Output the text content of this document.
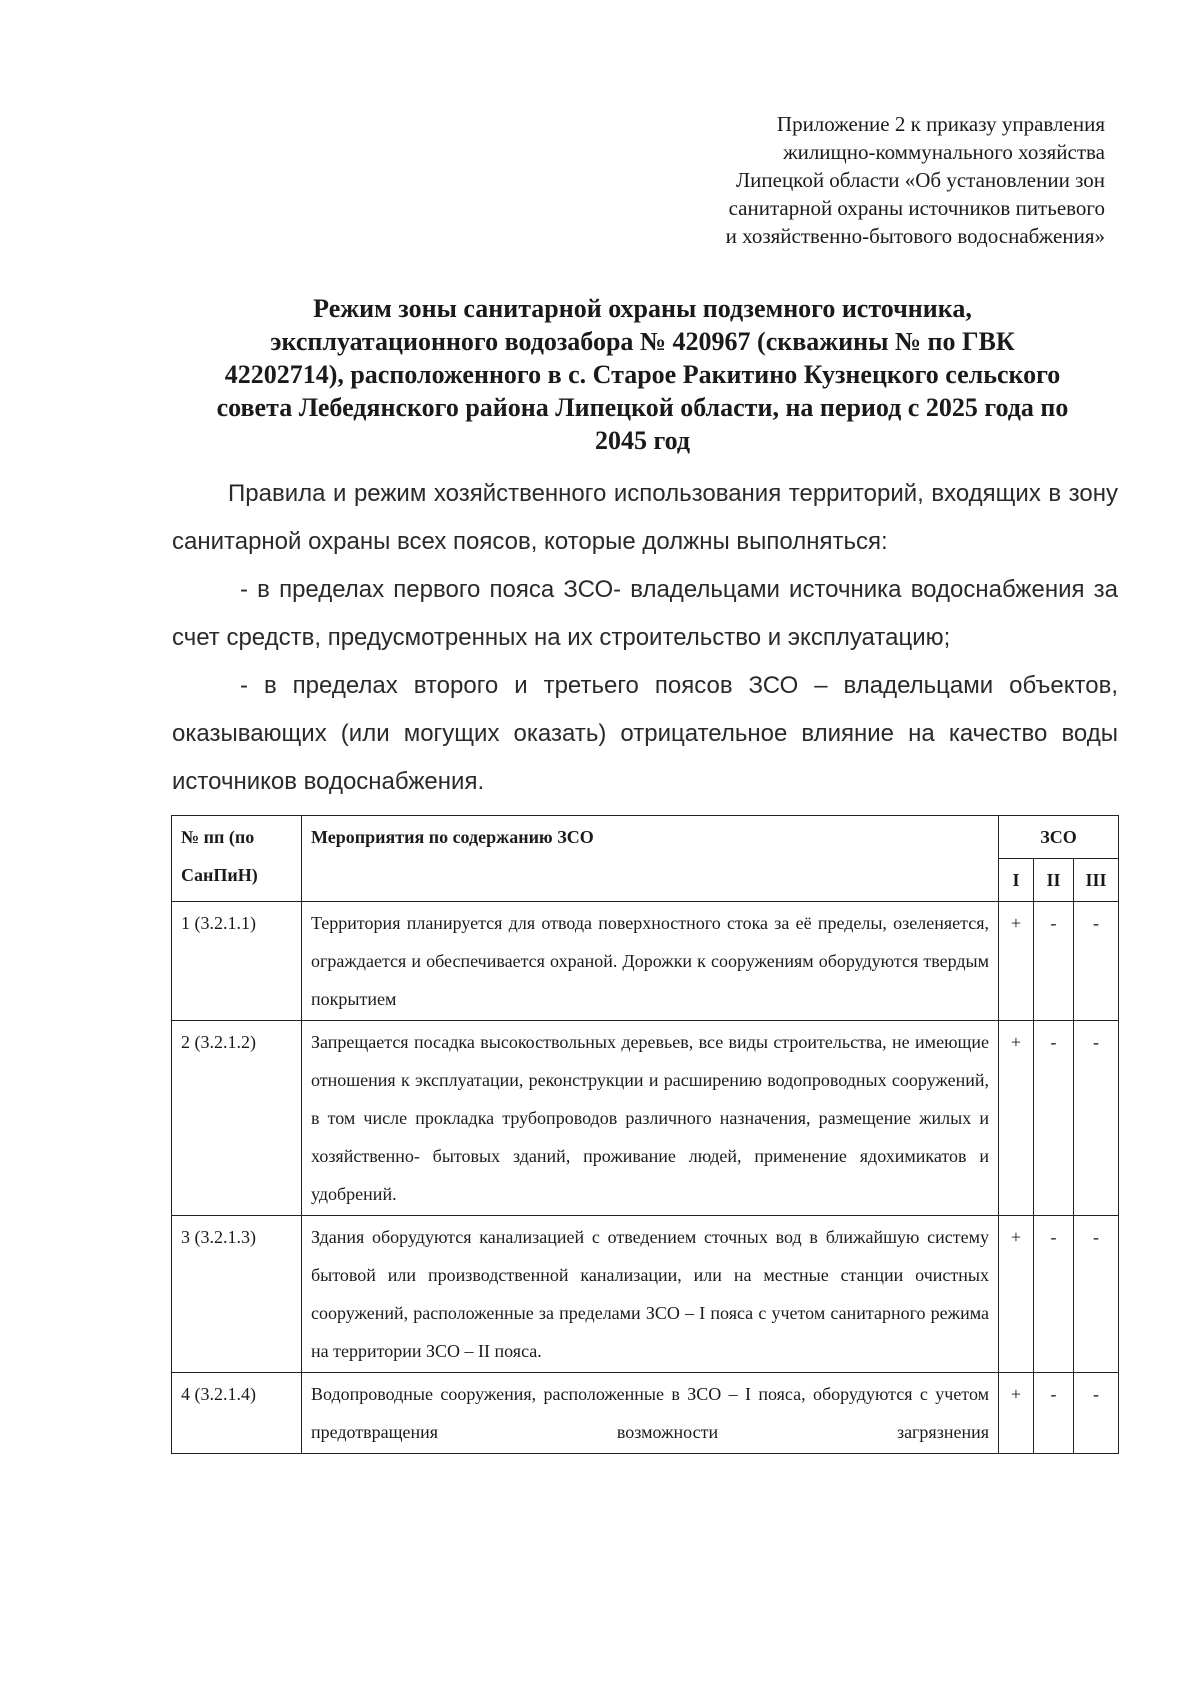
Приложение 2 к приказу управления
жилищно-коммунального хозяйства
Липецкой области «Об установлении зон
санитарной охраны источников питьевого
и хозяйственно-бытового водоснабжения»
Режим зоны санитарной охраны подземного источника,
эксплуатационного водозабора № 420967 (скважины № по ГВК
42202714), расположенного в с. Старое Ракитино Кузнецкого сельского
совета Лебедянского района Липецкой области, на период с 2025 года по
2045 год

Правила и режим хозяйственного использования территорий, входящих в зону санитарной охраны всех поясов, которые должны выполняться:

- в пределах первого пояса ЗСО- владельцами источника водоснабжения за счет средств, предусмотренных на их строительство и эксплуатацию;

- в пределах второго и третьего поясов ЗСО – владельцами объектов, оказывающих (или могущих оказать) отрицательное влияние на качество воды источников водоснабжения.

№ пп (по СанПиН)	Мероприятия по содержанию ЗСО	ЗСО		
		I	II	III
1 (3.2.1.1)	Территория планируется для отвода поверхностного стока за её пределы, озеленяется, ограждается и обеспечивается охраной. Дорожки к сооружениям оборудуются твердым покрытием	+	-	-
2 (3.2.1.2)	Запрещается посадка высокоствольных деревьев, все виды строительства, не имеющие отношения к эксплуатации, реконструкции и расширению водопроводных сооружений, в том числе прокладка трубопроводов различного назначения, размещение жилых и хозяйственно- бытовых зданий, проживание людей, применение ядохимикатов и удобрений.	+	-	-
3 (3.2.1.3)	Здания оборудуются канализацией с отведением сточных вод в ближайшую систему бытовой или производственной канализации, или на местные станции очистных сооружений, расположенные за пределами ЗСО – I пояса с учетом санитарного режима на территории ЗСО – II пояса.	+	-	-
4 (3.2.1.4)	Водопроводные сооружения, расположенные в ЗСО – I пояса, оборудуются с учетом предотвращения возможности загрязнения	+	-	-
